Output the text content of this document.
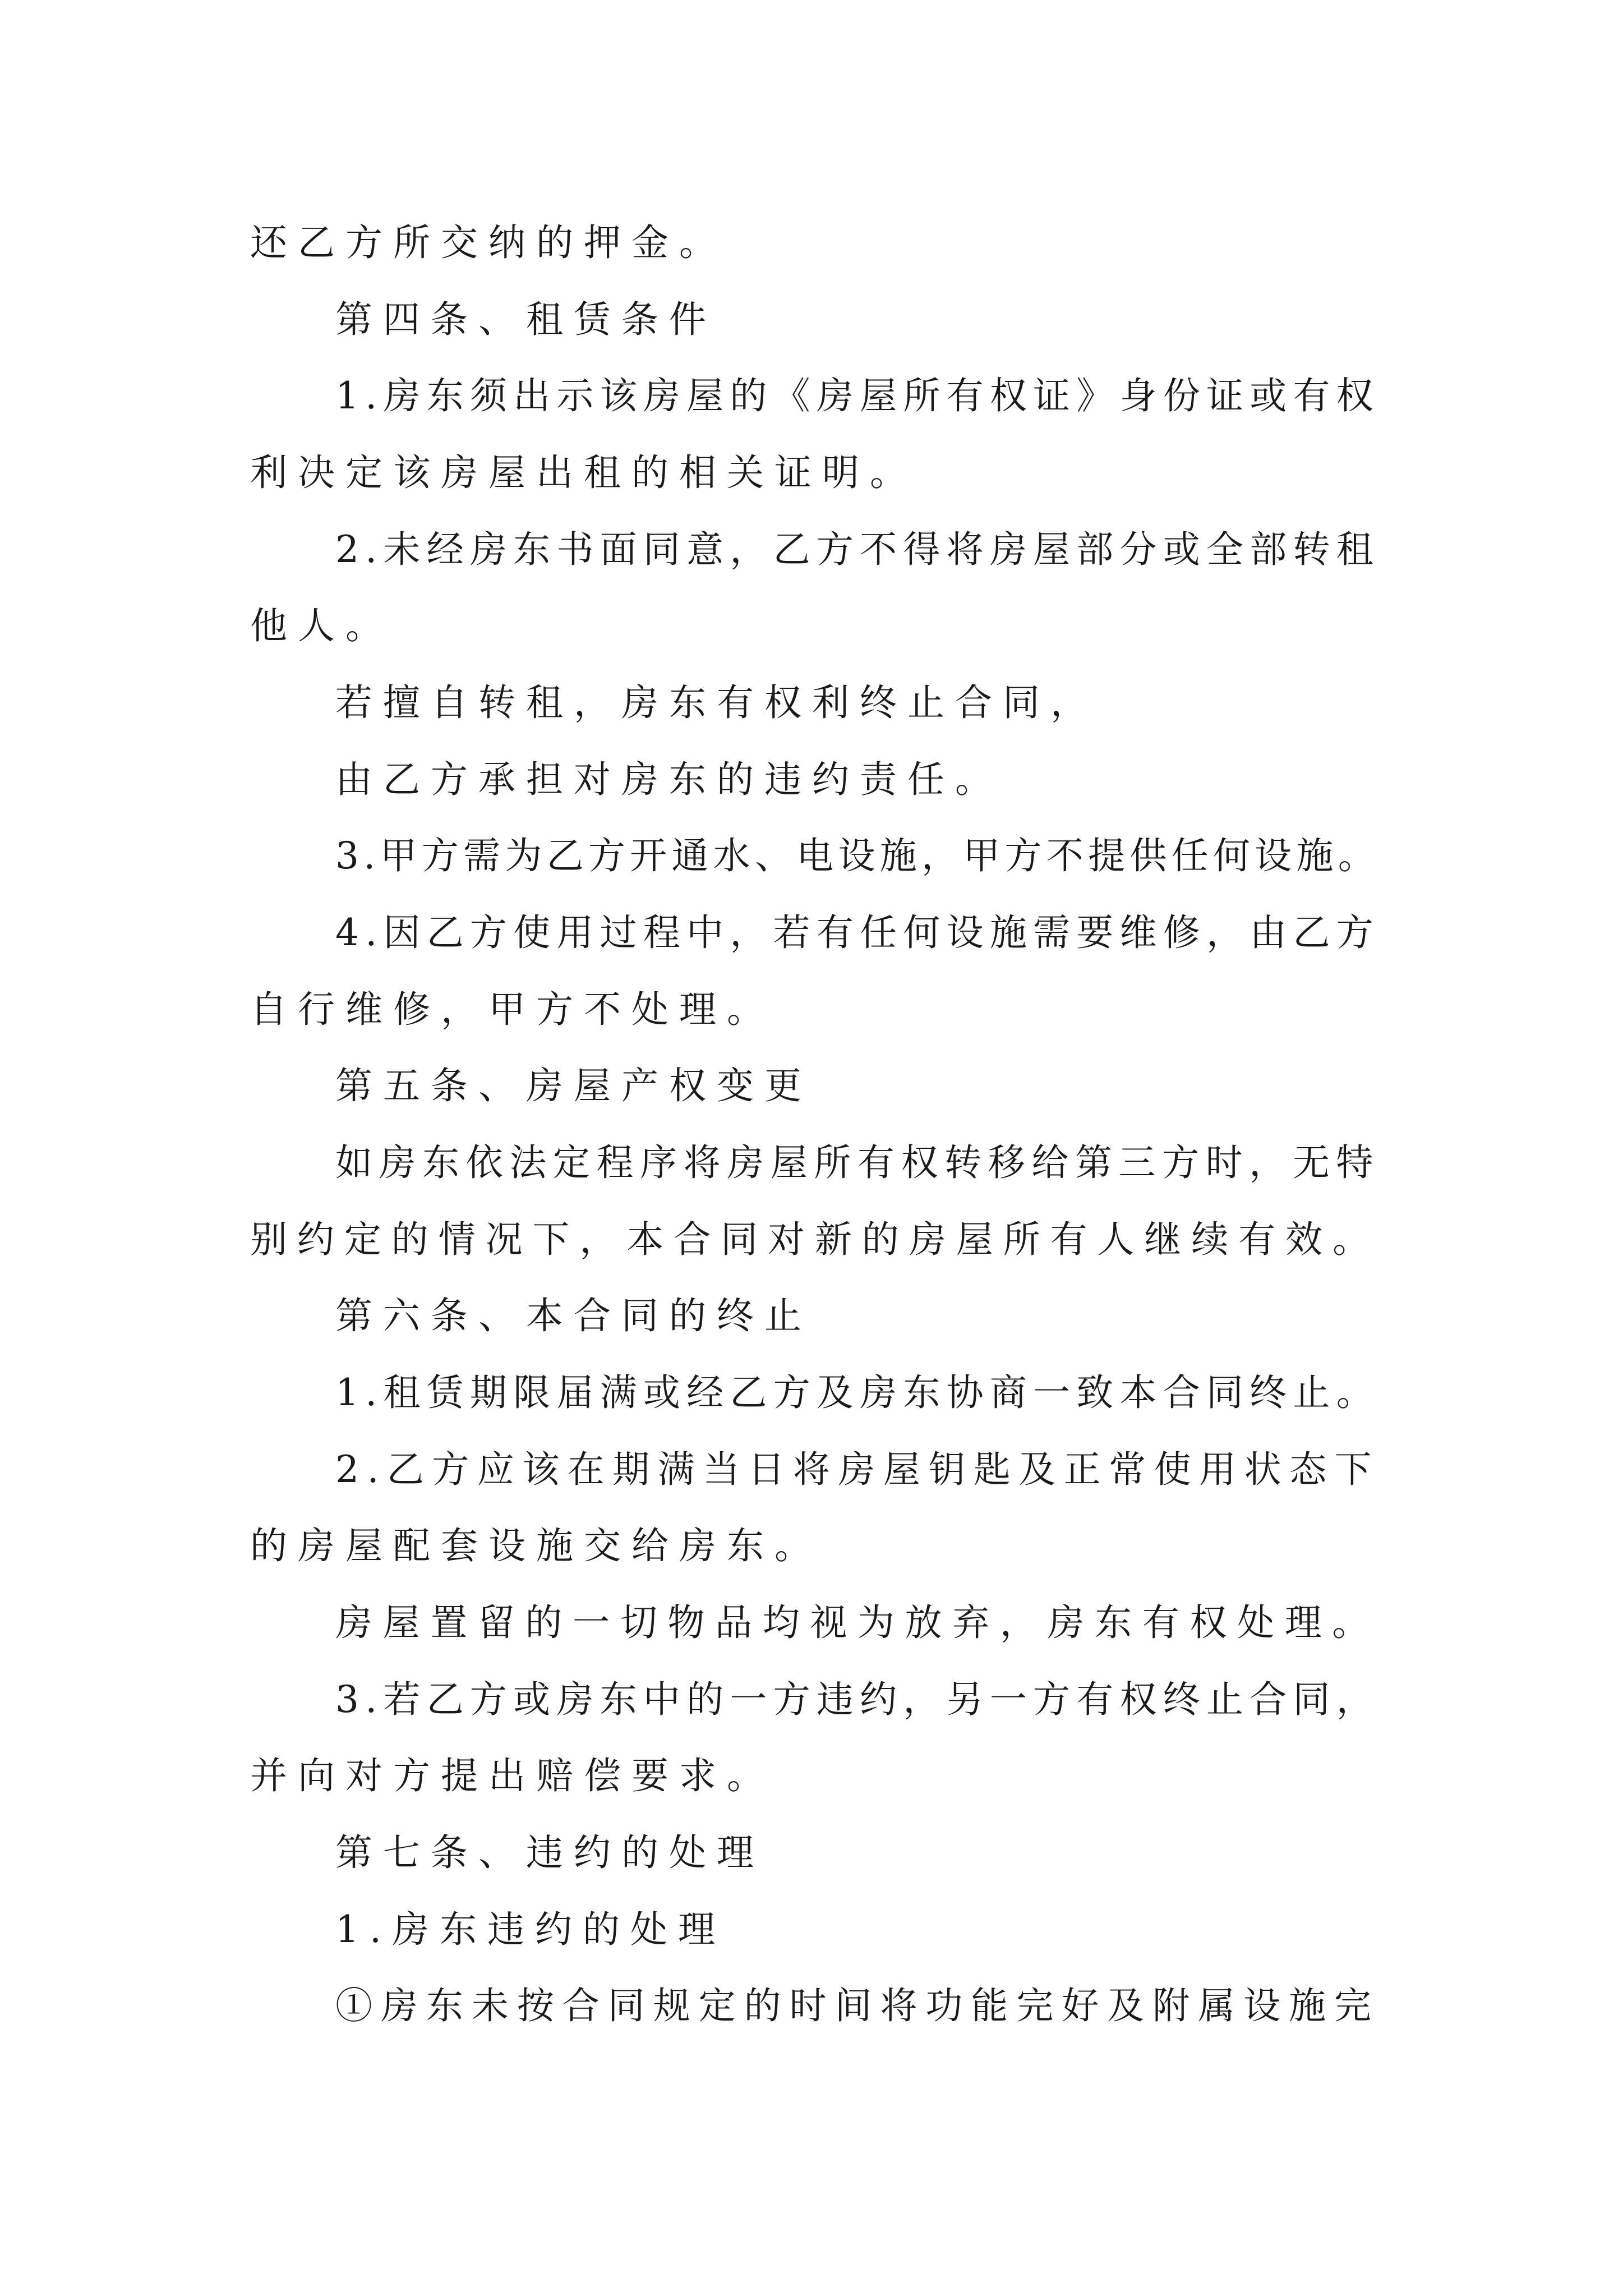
还乙方所交纳的押金。

第四条、租赁条件

1.房东须出示该房屋的《房屋所有权证》身份证或有权

利决定该房屋出租的相关证明。

2.未经房东书面同意，乙方不得将房屋部分或全部转租

他人。

若擅自转租，房东有权利终止合同，

由乙方承担对房东的违约责任。

3.甲方需为乙方开通水、电设施，甲方不提供任何设施。

4.因乙方使用过程中，若有任何设施需要维修，由乙方

自行维修，甲方不处理。

第五条、房屋产权变更

如房东依法定程序将房屋所有权转移给第三方时，无特

别约定的情况下，本合同对新的房屋所有人继续有效。

第六条、本合同的终止

1.租赁期限届满或经乙方及房东协商一致本合同终止。

2.乙方应该在期满当日将房屋钥匙及正常使用状态下

的房屋配套设施交给房东。

房屋置留的一切物品均视为放弃，房东有权处理。

3.若乙方或房东中的一方违约，另一方有权终止合同，

并向对方提出赔偿要求。

第七条、违约的处理

1.房东违约的处理

①房东未按合同规定的时间将功能完好及附属设施完
